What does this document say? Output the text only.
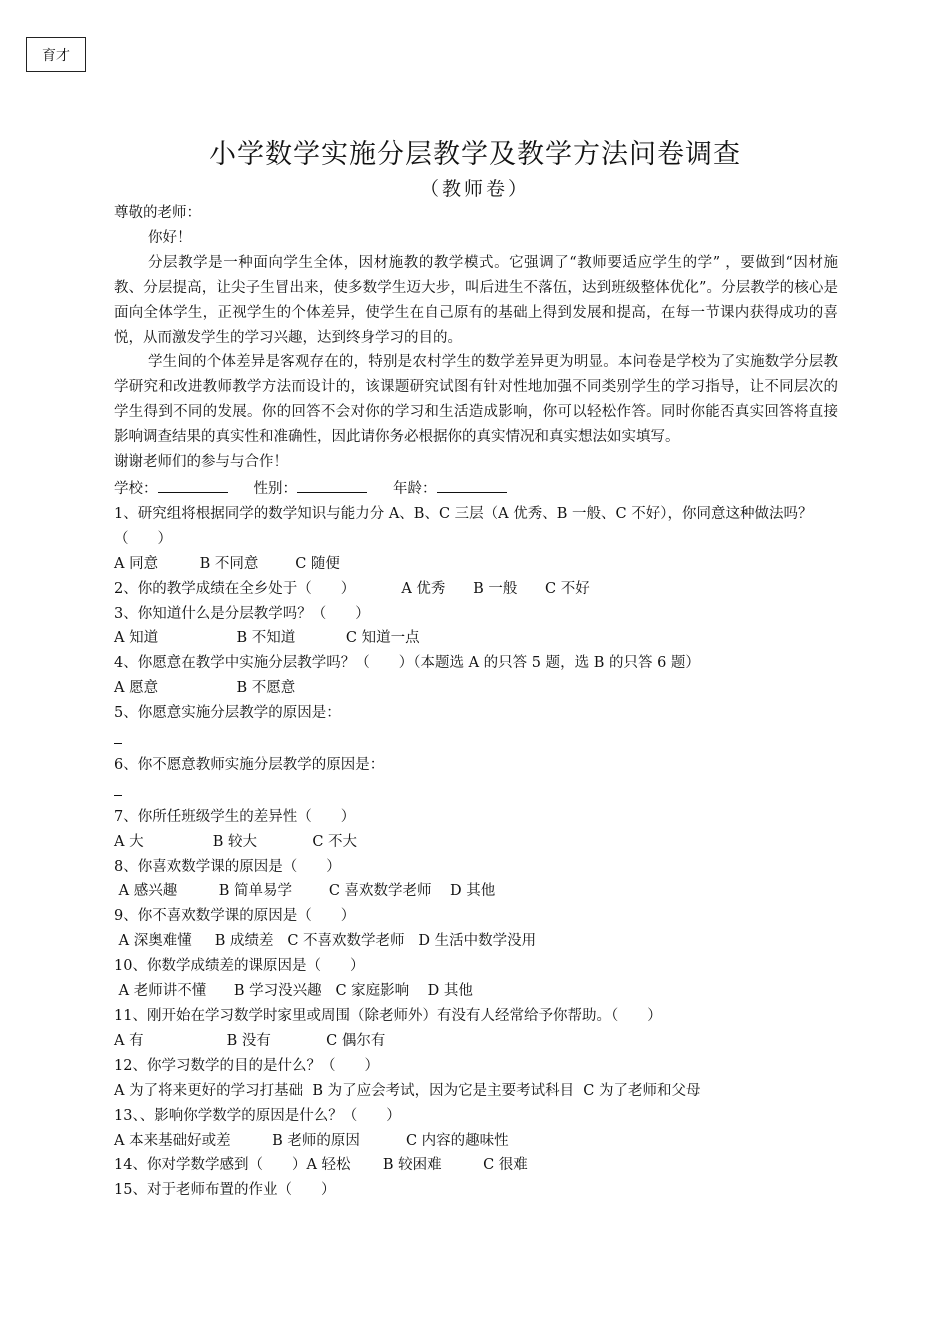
育才
小学数学实施分层教学及教学方法问卷调查
（教师卷）

尊敬的老师：

你好！

分层教学是一种面向学生全体，因材施教的教学模式。它强调了“教师要适应学生的学” ，要做到“因材施教、分层提高，让尖子生冒出来，使多数学生迈大步，叫后进生不落伍，达到班级整体优化”。分层教学的核心是面向全体学生，正视学生的个体差异，使学生在自己原有的基础上得到发展和提高，在每一节课内获得成功的喜悦，从而激发学生的学习兴趣，达到终身学习的目的。

学生间的个体差异是客观存在的，特别是农村学生的数学差异更为明显。本问卷是学校为了实施数学分层教学研究和改进教师教学方法而设计的，该课题研究试图有针对性地加强不同类别学生的学习指导，让不同层次的学生得到不同的发展。你的回答不会对你的学习和生活造成影响，你可以轻松作答。同时你能否真实回答将直接影响调查结果的真实性和准确性，因此请你务必根据你的真实情况和真实想法如实填写。

谢谢老师们的参与与合作！

学校：	性别：	年龄：

1、研究组将根据同学的数学知识与能力分 A、B、C 三层（A 优秀、B 一般、C 不好），你同意这种做法吗？（　　）

A 同意	B 不同意	C 随便

2、你的教学成绩在全乡处于（　　）	A 优秀 B 一般 C 不好

3、你知道什么是分层教学吗？（　　）

A 知道	B 不知道	C 知道一点

4、你愿意在教学中实施分层教学吗？（　　）（本题选 A 的只答 5 题，选 B 的只答 6 题）

A 愿意	B 不愿意

5、你愿意实施分层教学的原因是：

6、你不愿意教师实施分层教学的原因是：

7、你所任班级学生的差异性（　　）

A 大	B 较大	C 不大

8、你喜欢数学课的原因是（　　）

A 感兴趣	B 简单易学	C 喜欢数学老师 D 其他

9、你不喜欢数学课的原因是（　　）

A 深奥难懂 B 成绩差 C 不喜欢数学老师 D 生活中数学没用

10、你数学成绩差的课原因是（　　）

A 老师讲不懂 B 学习没兴趣 C 家庭影响 D 其他

11、刚开始在学习数学时家里或周围（除老师外）有没有人经常给予你帮助。（　　）

A 有	B 没有	C 偶尔有

12、你学习数学的目的是什么？（　　）

A 为了将来更好的学习打基础 B 为了应会考试，因为它是主要考试科目 C 为了老师和父母

13、、影响你学数学的原因是什么？（　　）

A 本来基础好或差	B 老师的原因	C 内容的趣味性

14、你对学数学感到（　　）A 轻松 B 较困难	C 很难

15、对于老师布置的作业（　　）
